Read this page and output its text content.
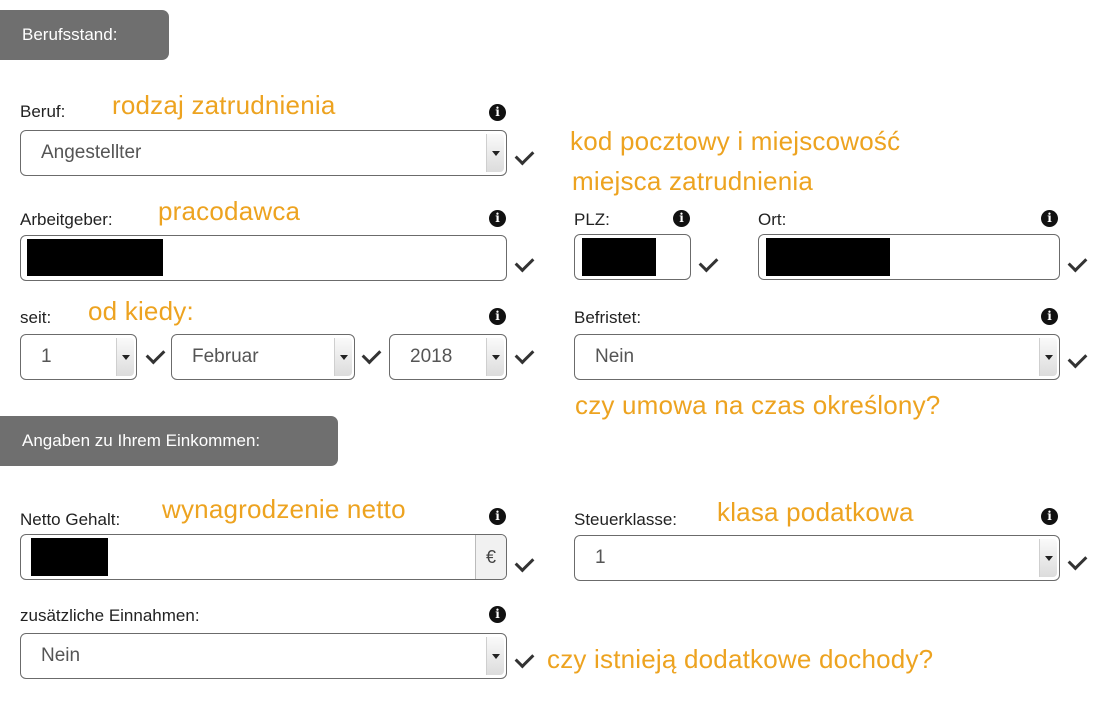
Berufsstand:
Beruf: rodzaj zatrudnienia	i
Angestellter	kod pocztowy i miejscowość
miejsca zatrudnienia
Arbeitgeber: pracodawca	i	PLZ:	i	Ort:	i
seit: od kiedy:	i
1	Februar	2018
Befristet:	i
Nein
czy umowa na czas określony?
Angaben zu Ihrem Einkommen:
Netto Gehalt: wynagrodzenie netto	i
€
Steuerklasse: klasa podatkowa	i
1
zusätzliche Einnahmen:	i
Nein	czy istnieją dodatkowe dochody?
